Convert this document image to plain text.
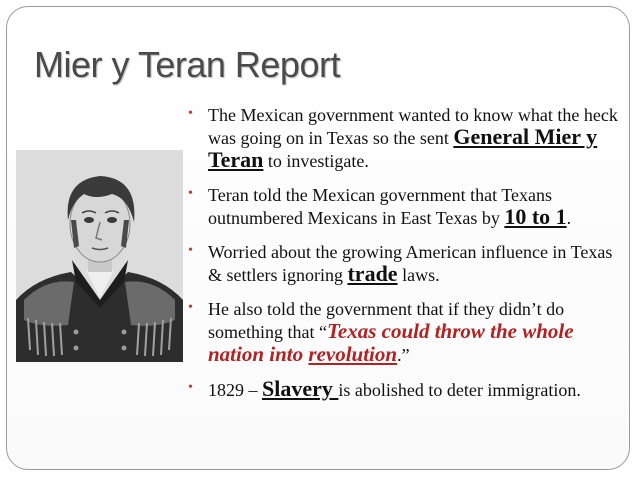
Mier y Teran Report
• The Mexican government wanted to know what the heck was going on in Texas so the sent General Mier y Teran to investigate.
• Teran told the Mexican government that Texans outnumbered Mexicans in East Texas by 10 to 1.
• Worried about the growing American influence in Texas & settlers ignoring trade laws.
• He also told the government that if they didn’t do something that “Texas could throw the whole nation into revolution.”
• 1829 – Slavery is abolished to deter immigration.
